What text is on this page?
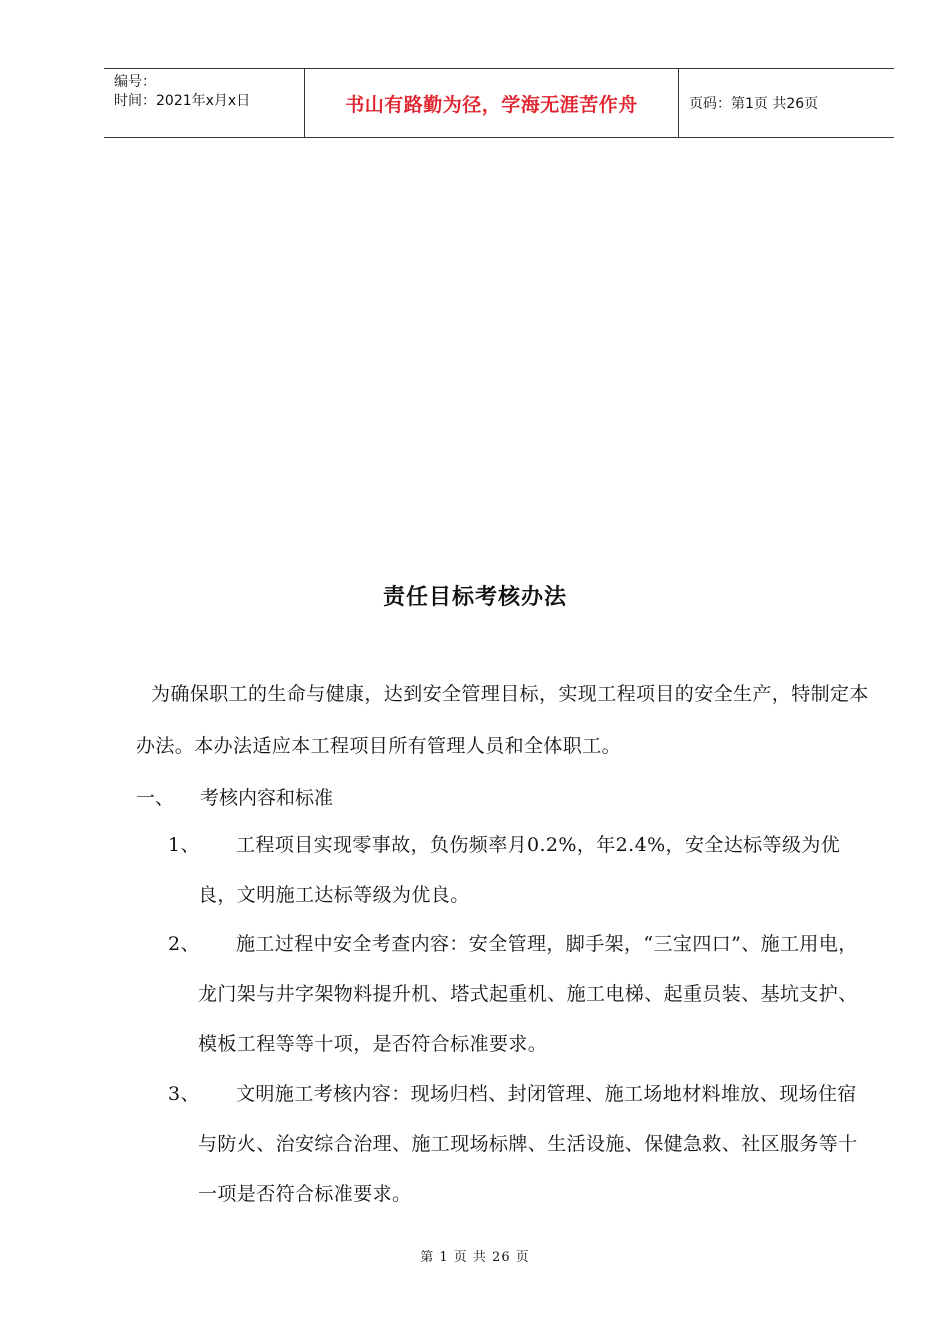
编号：
时间：2021年x月x日	书山有路勤为径，学海无涯苦作舟	页码：第1页 共26页
责任目标考核办法
为确保职工的生命与健康，达到安全管理目标，实现工程项目的安全生产，特制定本办法。本办法适应本工程项目所有管理人员和全体职工。
一、 考核内容和标准
1、	工程项目实现零事故，负伤频率月0.2%，年2.4%，安全达标等级为优良，文明施工达标等级为优良。
2、	施工过程中安全考查内容：安全管理，脚手架，“三宝四口”、施工用电，龙门架与井字架物料提升机、塔式起重机、施工电梯、起重员装、基坑支护、模板工程等等十项，是否符合标准要求。
3、	文明施工考核内容：现场归档、封闭管理、施工场地材料堆放、现场住宿与防火、治安综合治理、施工现场标牌、生活设施、保健急救、社区服务等十一项是否符合标准要求。
第 1 页 共 26 页
